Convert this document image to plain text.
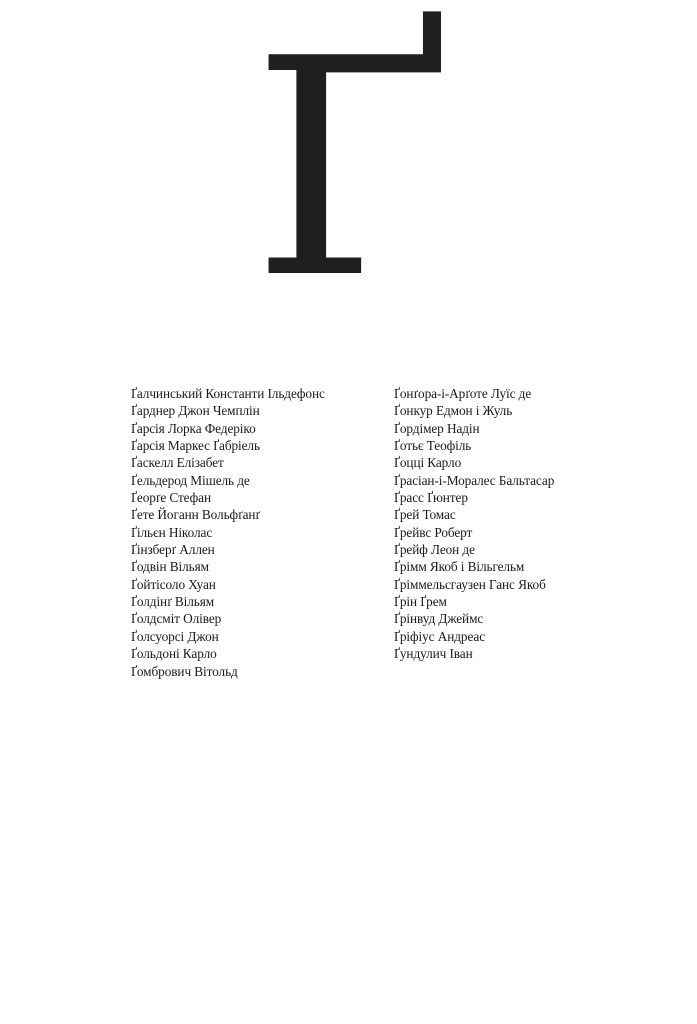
Ґ
Ґалчинський Константи Ільдефонс
Ґарднер Джон Чемплін
Ґарсія Лорка Федеріко
Ґарсія Маркес Ґабріель
Ґаскелл Елізабет
Ґельдерод Мішель де
Ґеорґе Стефан
Ґете Йоганн Вольфґанґ
Ґільєн Ніколас
Ґінзберґ Аллен
Ґодвін Вільям
Ґойтісоло Хуан
Ґолдінґ Вільям
Ґолдсміт Олівер
Ґолсуорсі Джон
Ґольдоні Карло
Ґомбрович Вітольд
Ґонґора-і-Арґоте Луїс де
Ґонкур Едмон і Жуль
Ґордімер Надін
Ґотьє Теофіль
Ґоцці Карло
Ґрасіан-і-Моралес Бальтасар
Ґрасс Ґюнтер
Ґрей Томас
Ґрейвс Роберт
Ґрейф Леон де
Ґрімм Якоб і Вільгельм
Ґріммельсгаузен Ганс Якоб
Ґрін Ґрем
Ґрінвуд Джеймс
Ґріфіус Андреас
Ґундулич Іван
